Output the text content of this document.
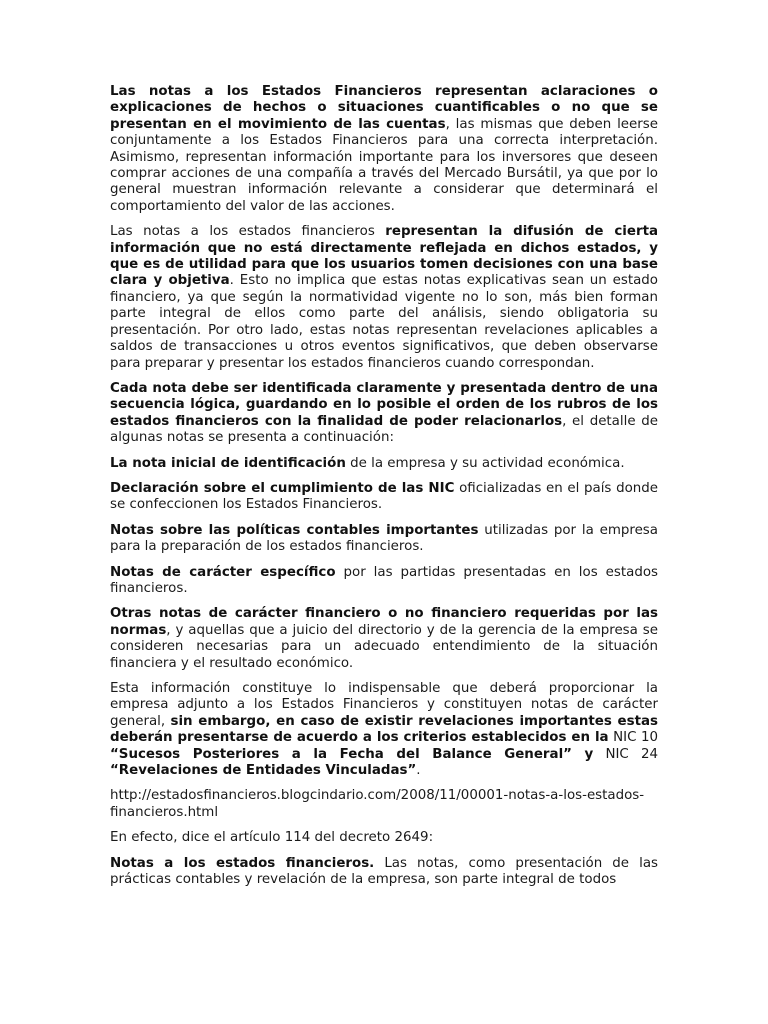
Las notas a los Estados Financieros representan aclaraciones o explicaciones de hechos o situaciones cuantificables o no que se presentan en el movimiento de las cuentas, las mismas que deben leerse conjuntamente a los Estados Financieros para una correcta interpretación. Asimismo, representan información importante para los inversores que deseen comprar acciones de una compañía a través del Mercado Bursátil, ya que por lo general muestran información relevante a considerar que determinará el comportamiento del valor de las acciones.

Las notas a los estados financieros representan la difusión de cierta información que no está directamente reflejada en dichos estados, y que es de utilidad para que los usuarios tomen decisiones con una base clara y objetiva. Esto no implica que estas notas explicativas sean un estado financiero, ya que según la normatividad vigente no lo son, más bien forman parte integral de ellos como parte del análisis, siendo obligatoria su presentación. Por otro lado, estas notas representan revelaciones aplicables a saldos de transacciones u otros eventos significativos, que deben observarse para preparar y presentar los estados financieros cuando correspondan.

Cada nota debe ser identificada claramente y presentada dentro de una secuencia lógica, guardando en lo posible el orden de los rubros de los estados financieros con la finalidad de poder relacionarlos, el detalle de algunas notas se presenta a continuación:

La nota inicial de identificación de la empresa y su actividad económica.

Declaración sobre el cumplimiento de las NIC oficializadas en el país donde se confeccionen los Estados Financieros.

Notas sobre las políticas contables importantes utilizadas por la empresa para la preparación de los estados financieros.

Notas de carácter específico por las partidas presentadas en los estados financieros.

Otras notas de carácter financiero o no financiero requeridas por las normas, y aquellas que a juicio del directorio y de la gerencia de la empresa se consideren necesarias para un adecuado entendimiento de la situación financiera y el resultado económico.

Esta información constituye lo indispensable que deberá proporcionar la empresa adjunto a los Estados Financieros y constituyen notas de carácter general, sin embargo, en caso de existir revelaciones importantes estas deberán presentarse de acuerdo a los criterios establecidos en la NIC 10 “Sucesos Posteriores a la Fecha del Balance General” y NIC 24 “Revelaciones de Entidades Vinculadas”.

http://estadosfinancieros.blogcindario.com/2008/11/00001-notas-a-los-estados-financieros.html

En efecto, dice el artículo 114 del decreto 2649:

Notas a los estados financieros. Las notas, como presentación de las prácticas contables y revelación de la empresa, son parte integral de todos
